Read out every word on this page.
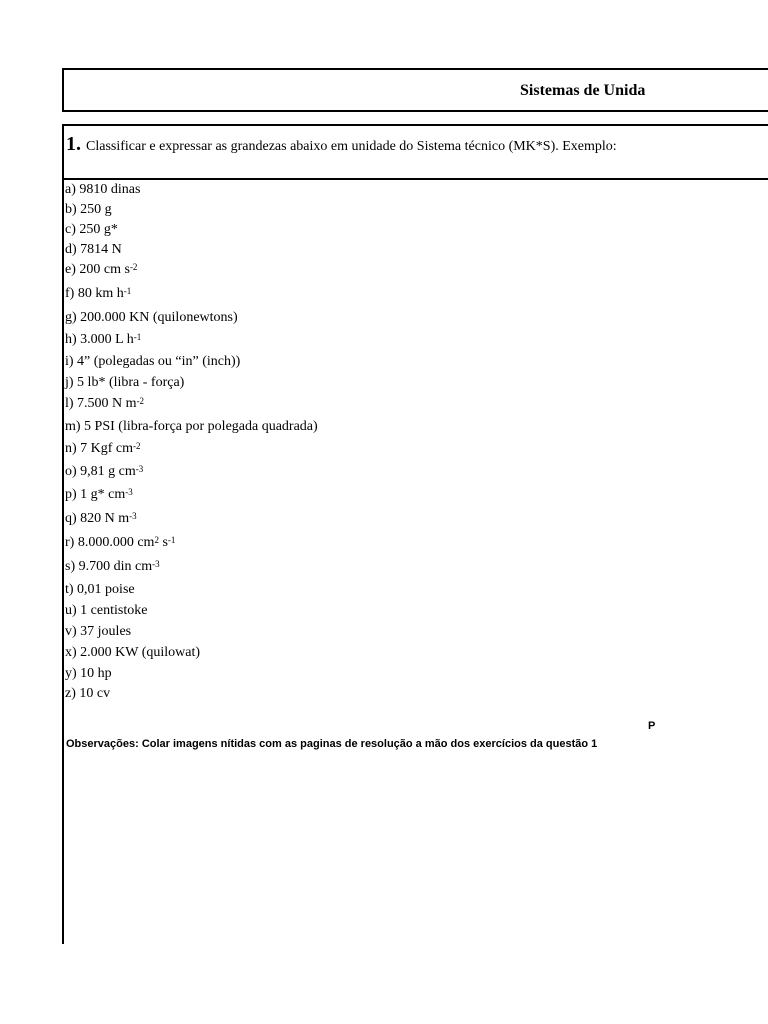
Sistemas de Unida
1. Classificar e expressar as grandezas abaixo em unidade do Sistema técnico (MK*S). Exemplo:
a) 9810 dinas
b) 250 g
c) 250 g*
d) 7814 N
e) 200 cm $s^{-2}$
f) 80 km $h^{-1}$
g) 200.000 KN (quilonewtons)
h) 3.000 L $h^{-1}$
i) 4” (polegadas ou “in” (inch))
j) 5 lb* (libra - força)
l) 7.500 N $m^{-2}$
m) 5 PSI (libra-força por polegada quadrada)
n) 7 Kgf $cm^{-2}$
o) 9,81 g $cm^{-3}$
p) 1 g* $cm^{-3}$
q) 820 N $m^{-3}$
r) 8.000.000 $cm^2$ $s^{-1}$
s) 9.700 din $cm^{-3}$
t) 0,01 poise
u) 1 centistoke
v) 37 joules
x) 2.000 KW (quilowat)
y) 10 hp
z) 10 cv
P
Observações: Colar imagens nítidas com as paginas de resolução a mão dos exercícios da questão 1
